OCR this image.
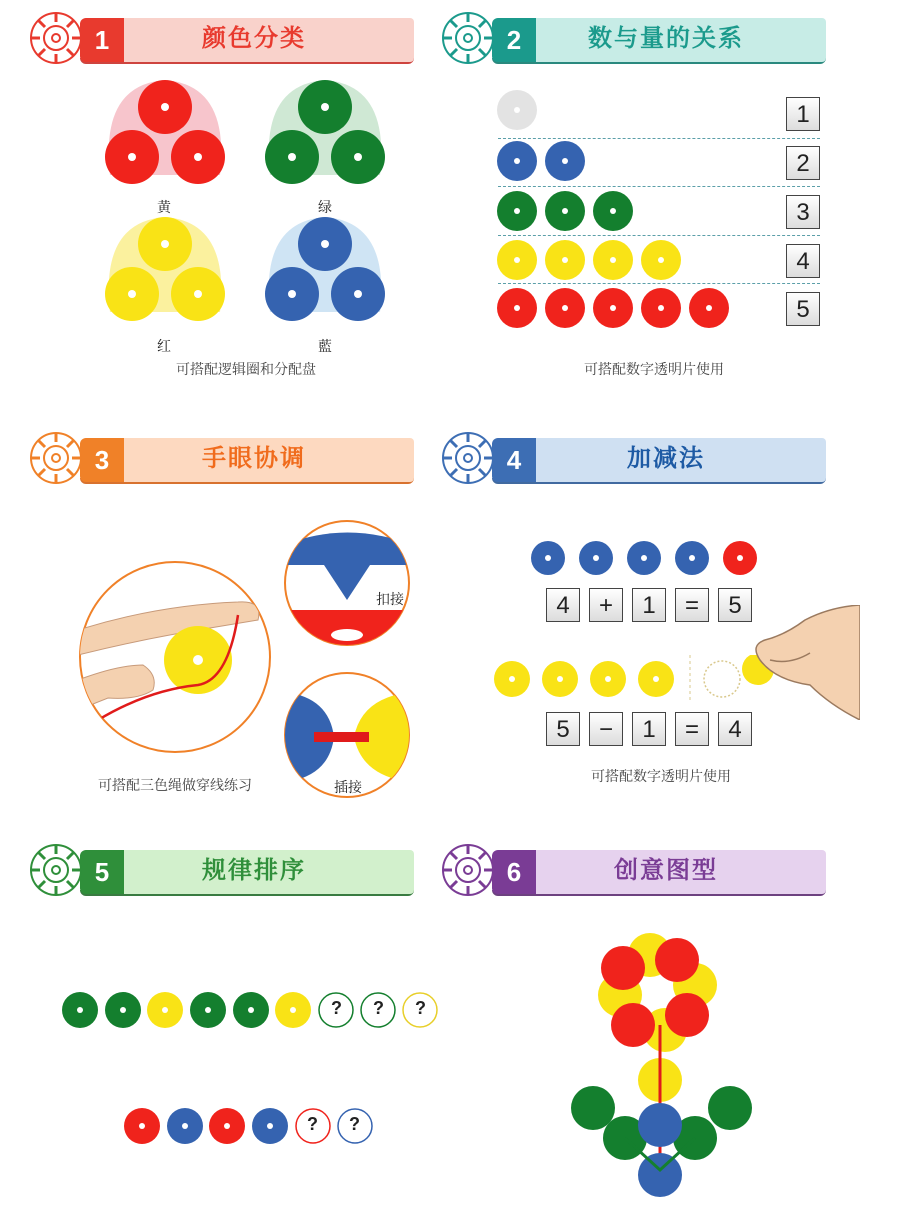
1	颜色分类
黄	绿
红	藍
可搭配逻辑圈和分配盘
2	数与量的关系
1
2
3
4
5
可搭配数字透明片使用
3	手眼协调
扣接
插接
可搭配三色绳做穿线练习
4	加减法
4	+	1	=	5
5	−	1	=	4
可搭配数字透明片使用
5	规律排序
? ? ?
? ?
6	创意图型
